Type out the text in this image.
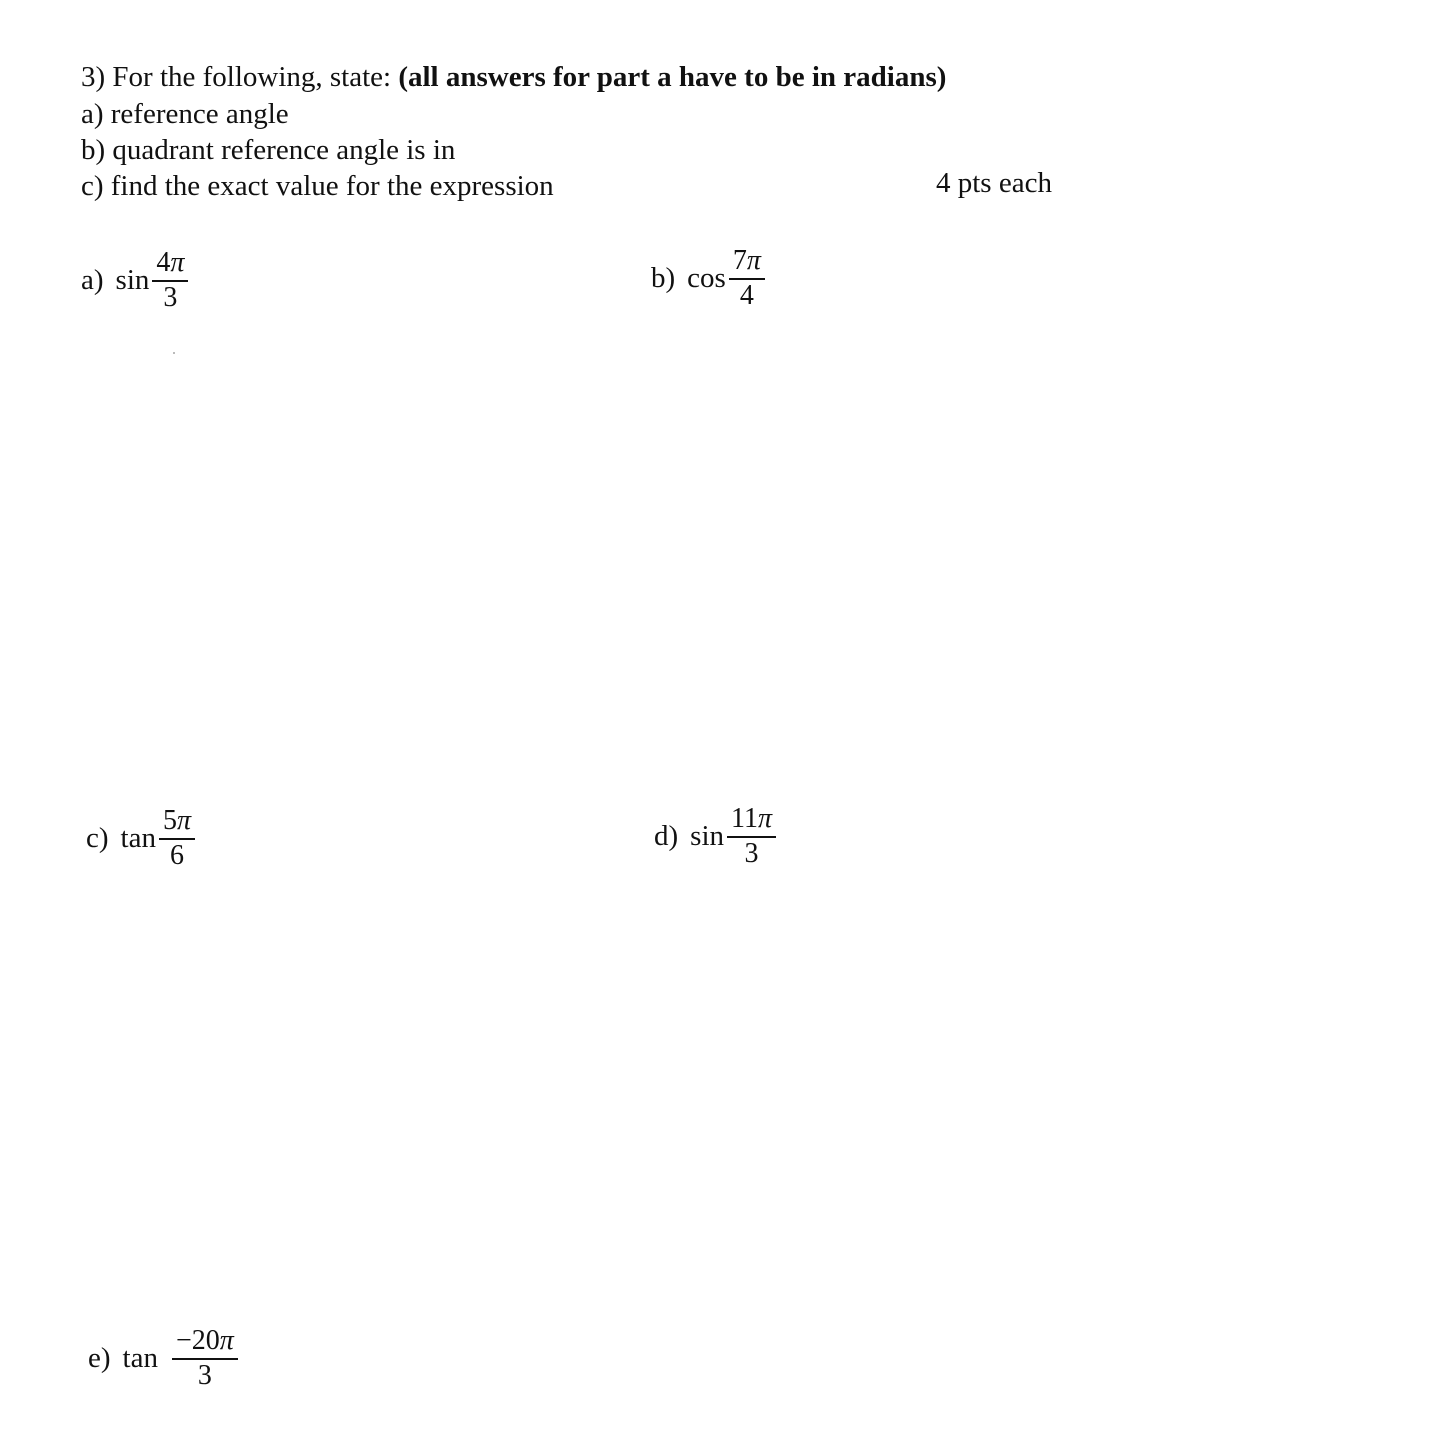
3) For the following, state: (all answers for part a have to be in radians)
a) reference angle
b) quadrant reference angle is in
c) find the exact value for the expression	4 pts each
a) $\sin \frac{4\pi}{3}$	b) $\cos \frac{7\pi}{4}$
c) $\tan \frac{5\pi}{6}$	d) $\sin \frac{11\pi}{3}$
e) $\tan \frac{-20\pi}{3}$
